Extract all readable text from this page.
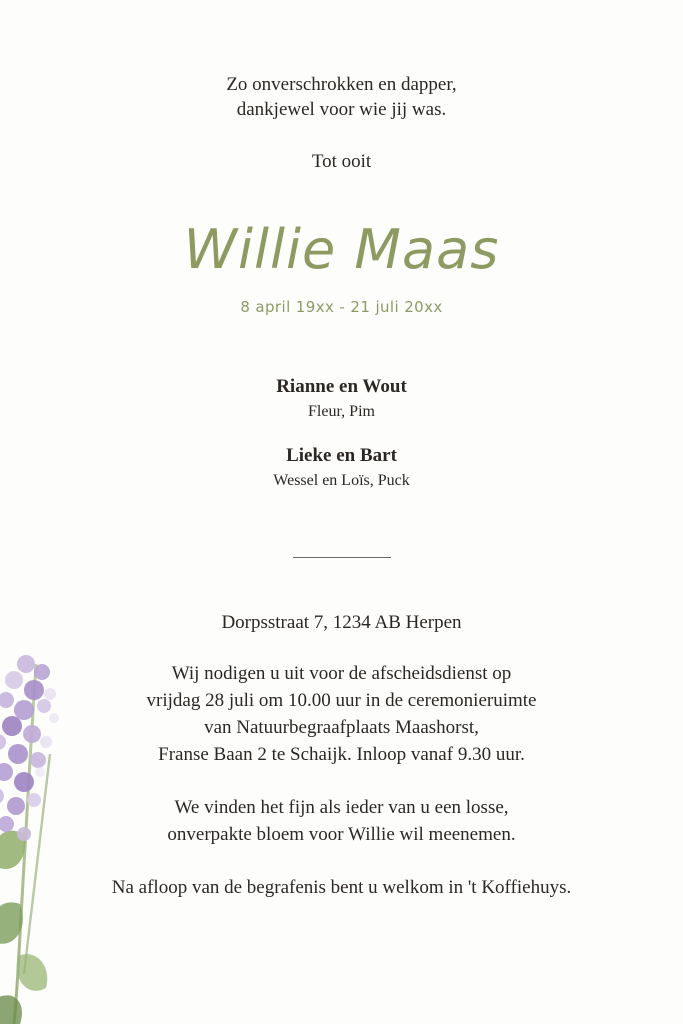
Zo onverschrokken en dapper,
dankjewel voor wie jij was.
Tot ooit
Willie Maas
8 april 19xx - 21 juli 20xx
Rianne en Wout
Fleur, Pim
Lieke en Bart
Wessel en Loïs, Puck
Dorpsstraat 7, 1234 AB Herpen
Wij nodigen u uit voor de afscheidsdienst op
vrijdag 28 juli om 10.00 uur in de ceremonieruimte
van Natuurbegraafplaats Maashorst,
Franse Baan 2 te Schaijk. Inloop vanaf 9.30 uur.
We vinden het fijn als ieder van u een losse,
onverpakte bloem voor Willie wil meenemen.
Na afloop van de begrafenis bent u welkom in 't Koffiehuys.
